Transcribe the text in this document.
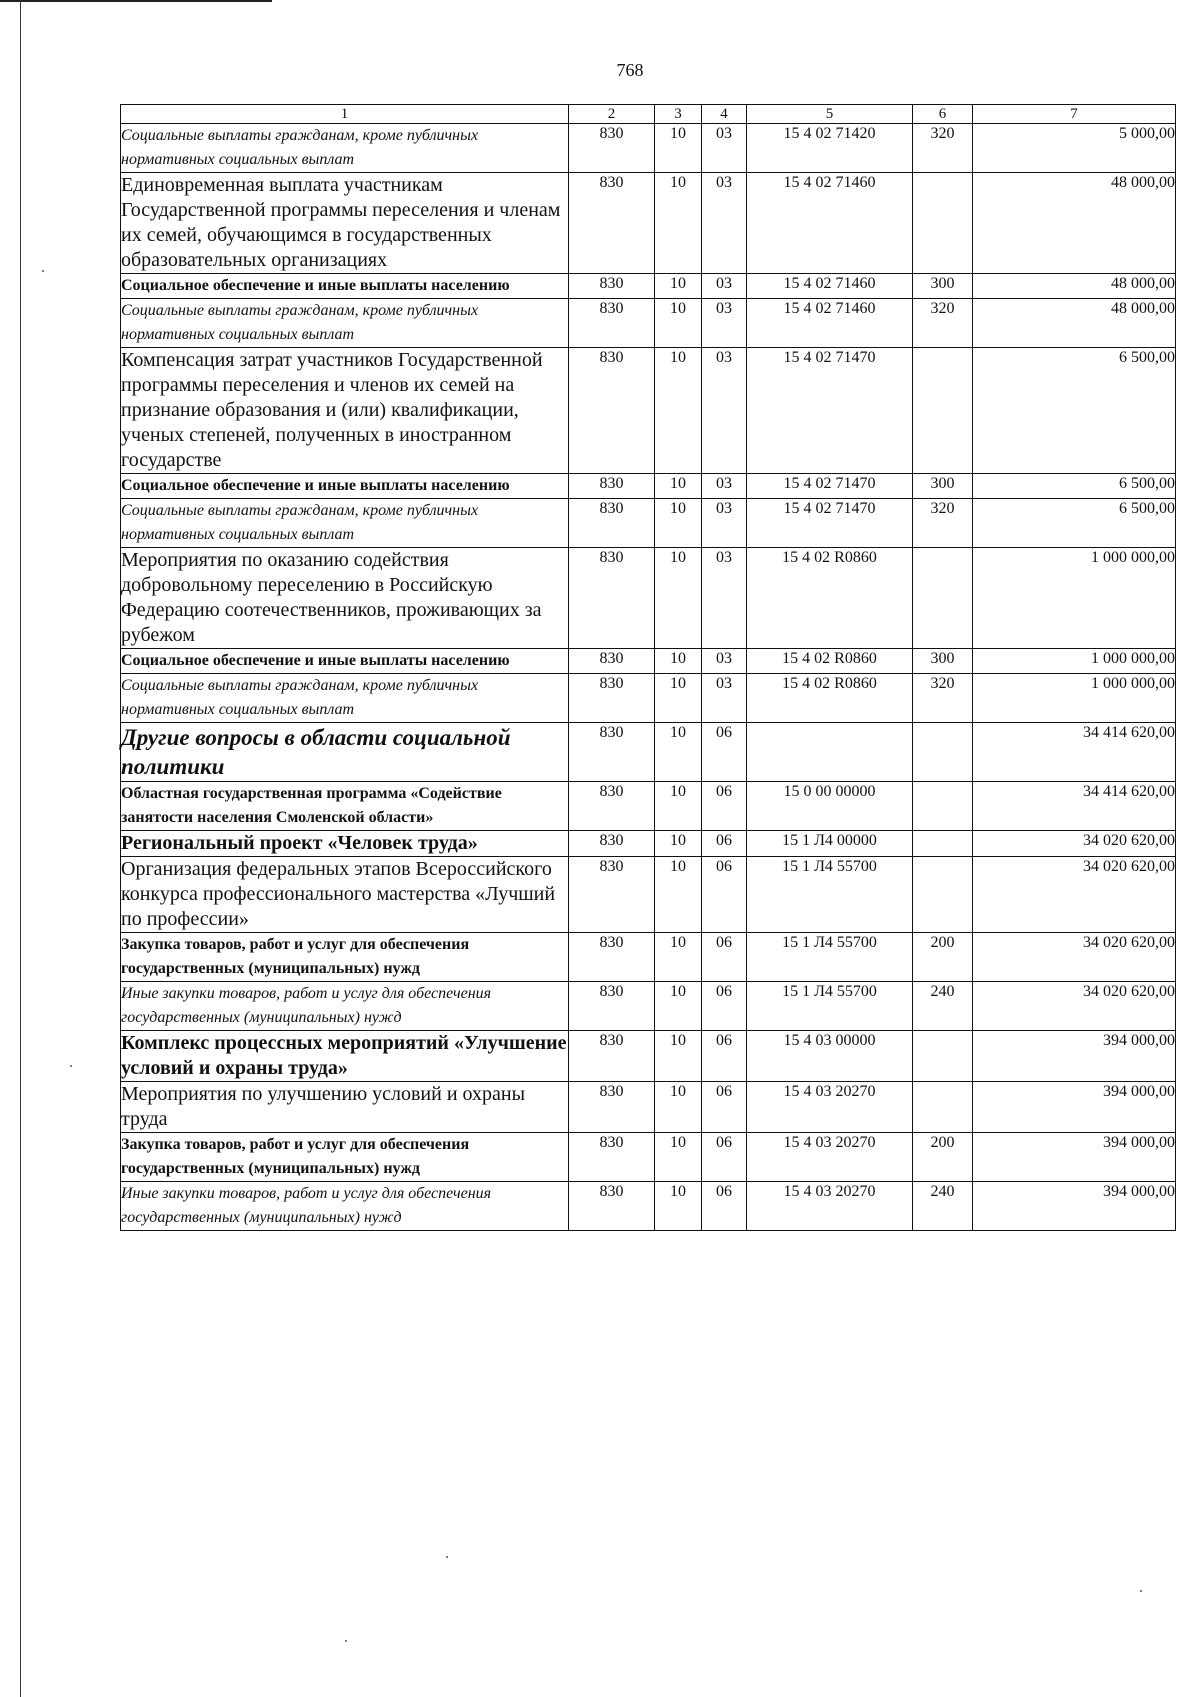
768
1	2	3	4	5	6	7
Социальные выплаты гражданам, кроме публичных нормативных социальных выплат	830	10	03	15 4 02 71420	320	5 000,00
Единовременная выплата участникам Государственной программы переселения и членам их семей, обучающимся в государственных образовательных организациях	830	10	03	15 4 02 71460		48 000,00
Социальное обеспечение и иные выплаты населению	830	10	03	15 4 02 71460	300	48 000,00
Социальные выплаты гражданам, кроме публичных нормативных социальных выплат	830	10	03	15 4 02 71460	320	48 000,00
Компенсация затрат участников Государственной программы переселения и членов их семей на признание образования и (или) квалификации, ученых степеней, полученных в иностранном государстве	830	10	03	15 4 02 71470		6 500,00
Социальное обеспечение и иные выплаты населению	830	10	03	15 4 02 71470	300	6 500,00
Социальные выплаты гражданам, кроме публичных нормативных социальных выплат	830	10	03	15 4 02 71470	320	6 500,00
Мероприятия по оказанию содействия добровольному переселению в Российскую Федерацию соотечественников, проживающих за рубежом	830	10	03	15 4 02 R0860		1 000 000,00
Социальное обеспечение и иные выплаты населению	830	10	03	15 4 02 R0860	300	1 000 000,00
Социальные выплаты гражданам, кроме публичных нормативных социальных выплат	830	10	03	15 4 02 R0860	320	1 000 000,00
Другие вопросы в области социальной политики	830	10	06			34 414 620,00
Областная государственная программа «Содействие занятости населения Смоленской области»	830	10	06	15 0 00 00000		34 414 620,00
Региональный проект «Человек труда»	830	10	06	15 1 Л4 00000		34 020 620,00
Организация федеральных этапов Всероссийского конкурса профессионального мастерства «Лучший по профессии»	830	10	06	15 1 Л4 55700		34 020 620,00
Закупка товаров, работ и услуг для обеспечения государственных (муниципальных) нужд	830	10	06	15 1 Л4 55700	200	34 020 620,00
Иные закупки товаров, работ и услуг для обеспечения государственных (муниципальных) нужд	830	10	06	15 1 Л4 55700	240	34 020 620,00
Комплекс процессных мероприятий «Улучшение условий и охраны труда»	830	10	06	15 4 03 00000		394 000,00
Мероприятия по улучшению условий и охраны труда	830	10	06	15 4 03 20270		394 000,00
Закупка товаров, работ и услуг для обеспечения государственных (муниципальных) нужд	830	10	06	15 4 03 20270	200	394 000,00
Иные закупки товаров, работ и услуг для обеспечения государственных (муниципальных) нужд	830	10	06	15 4 03 20270	240	394 000,00
